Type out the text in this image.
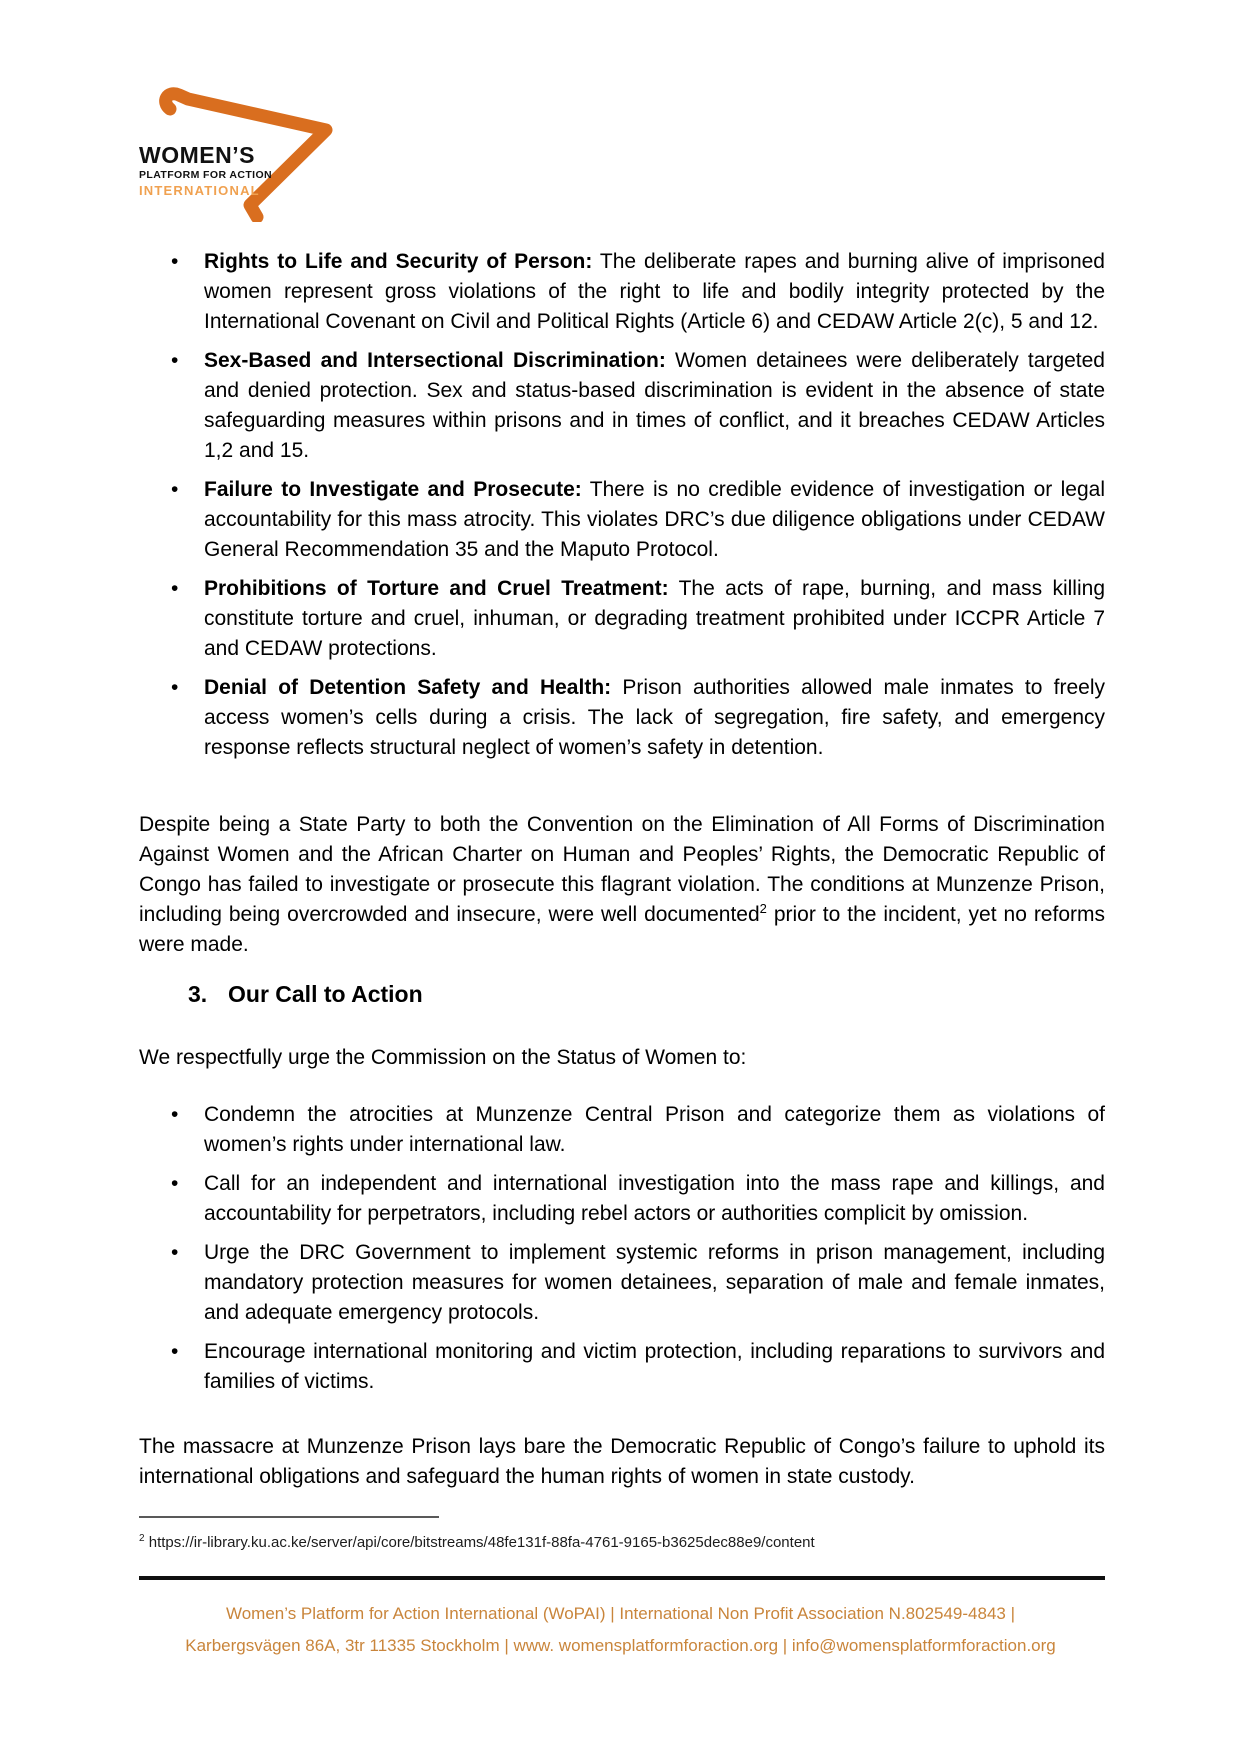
WOMEN’S
PLATFORM FOR ACTION
INTERNATIONAL
• Rights to Life and Security of Person: The deliberate rapes and burning alive of imprisoned women represent gross violations of the right to life and bodily integrity protected by the International Covenant on Civil and Political Rights (Article 6) and CEDAW Article 2(c), 5 and 12.
• Sex-Based and Intersectional Discrimination: Women detainees were deliberately targeted and denied protection. Sex and status-based discrimination is evident in the absence of state safeguarding measures within prisons and in times of conflict, and it breaches CEDAW Articles 1,2 and 15.
• Failure to Investigate and Prosecute: There is no credible evidence of investigation or legal accountability for this mass atrocity. This violates DRC’s due diligence obligations under CEDAW General Recommendation 35 and the Maputo Protocol.
• Prohibitions of Torture and Cruel Treatment: The acts of rape, burning, and mass killing constitute torture and cruel, inhuman, or degrading treatment prohibited under ICCPR Article 7 and CEDAW protections.
• Denial of Detention Safety and Health: Prison authorities allowed male inmates to freely access women’s cells during a crisis. The lack of segregation, fire safety, and emergency response reflects structural neglect of women’s safety in detention.

Despite being a State Party to both the Convention on the Elimination of All Forms of Discrimination Against Women and the African Charter on Human and Peoples’ Rights, the Democratic Republic of Congo has failed to investigate or prosecute this flagrant violation. The conditions at Munzenze Prison, including being overcrowded and insecure, were well documented$^2$ prior to the incident, yet no reforms were made.

3. Our Call to Action

We respectfully urge the Commission on the Status of Women to:

• Condemn the atrocities at Munzenze Central Prison and categorize them as violations of women’s rights under international law.
• Call for an independent and international investigation into the mass rape and killings, and accountability for perpetrators, including rebel actors or authorities complicit by omission.
• Urge the DRC Government to implement systemic reforms in prison management, including mandatory protection measures for women detainees, separation of male and female inmates, and adequate emergency protocols.
• Encourage international monitoring and victim protection, including reparations to survivors and families of victims.

The massacre at Munzenze Prison lays bare the Democratic Republic of Congo’s failure to uphold its international obligations and safeguard the human rights of women in state custody.

$^2$ https://ir-library.ku.ac.ke/server/api/core/bitstreams/48fe131f-88fa-4761-9165-b3625dec88e9/content
Women’s Platform for Action International (WoPAI) | International Non Profit Association N.802549-4843 |
Karbergsvägen 86A, 3tr 11335 Stockholm | www. womensplatformforaction.org | info@womensplatformforaction.org
